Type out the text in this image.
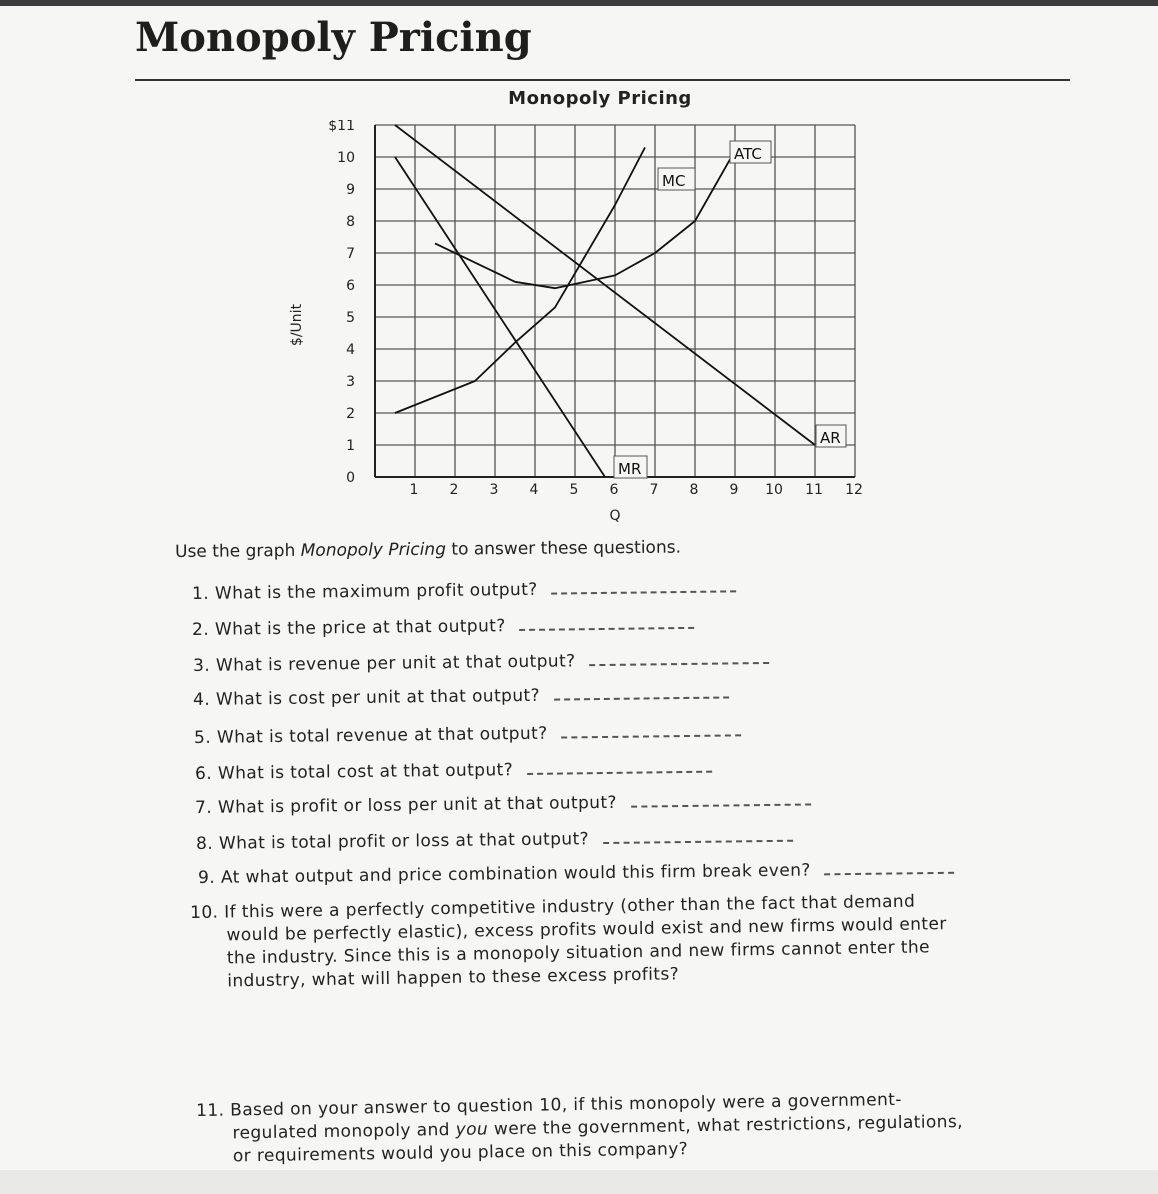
Monopoly Pricing
Monopoly Pricing
0
1
2
3
4
5
6
7
8
9
10
$11
1 2 3 4 5 6 7 8 9 10 11 12
Q
$/Unit
MC
ATC
MR
AR
Use the graph Monopoly Pricing to answer these questions.
1. What is the maximum profit output?
2. What is the price at that output?
3. What is revenue per unit at that output?
4. What is cost per unit at that output?
5. What is total revenue at that output?
6. What is total cost at that output?
7. What is profit or loss per unit at that output?
8. What is total profit or loss at that output?
9. At what output and price combination would this firm break even?
10. If this were a perfectly competitive industry (other than the fact that demand
would be perfectly elastic), excess profits would exist and new firms would enter
the industry. Since this is a monopoly situation and new firms cannot enter the
industry, what will happen to these excess profits?
11. Based on your answer to question 10, if this monopoly were a government-
regulated monopoly and you were the government, what restrictions, regulations,
or requirements would you place on this company?
